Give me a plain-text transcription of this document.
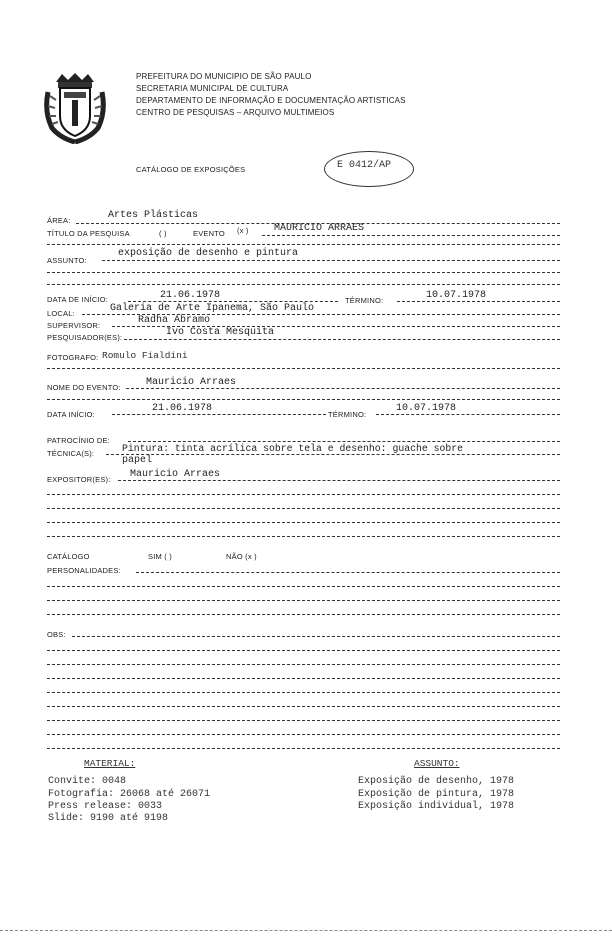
PREFEITURA DO MUNICIPIO DE SÃO PAULO
SECRETARIA MUNICIPAL DE CULTURA
DEPARTAMENTO DE INFORMAÇÃO E DOCUMENTAÇÃO ARTISTICAS
CENTRO DE PESQUISAS – ARQUIVO MULTIMEIOS
CATÁLOGO DE EXPOSIÇÕES	E 0412/AP
ÁREA:	Artes Plásticas
TÍTULO DA PESQUISA	( )	EVENTO (x )	MAURICIO ARRAES
ASSUNTO:
exposição de desenho e pintura
DATA DE INÍCIO:	21.06.1978	TÉRMINO:	10.07.1978
LOCAL:	Galeria de Arte Ipanema, São Paulo
SUPERVISOR:	Radha Abramo
PESQUISADOR(ES):	Ivo Costa Mesquita
FOTOGRAFO: Romulo Fialdini
NOME DO EVENTO:	Mauricio Arraes
DATA INÍCIO:
21.06.1978
TÉRMINO:
10.07.1978
PATROCÍNIO DE:
TÉCNICA(S):	Pintura: tinta acrílica sobre tela e desenho: guache sobre
papel
EXPOSITOR(ES): Mauricio Arraes
CATÁLOGO	SIM ( )	NÃO (x )
PERSONALIDADES:
OBS:
MATERIAL:
Convite: 0048
Fotografia: 26068 até 26071
Press release: 0033
Slide: 9190 até 9198
ASSUNTO:
Exposição de desenho, 1978
Exposição de pintura, 1978
Exposição individual, 1978
